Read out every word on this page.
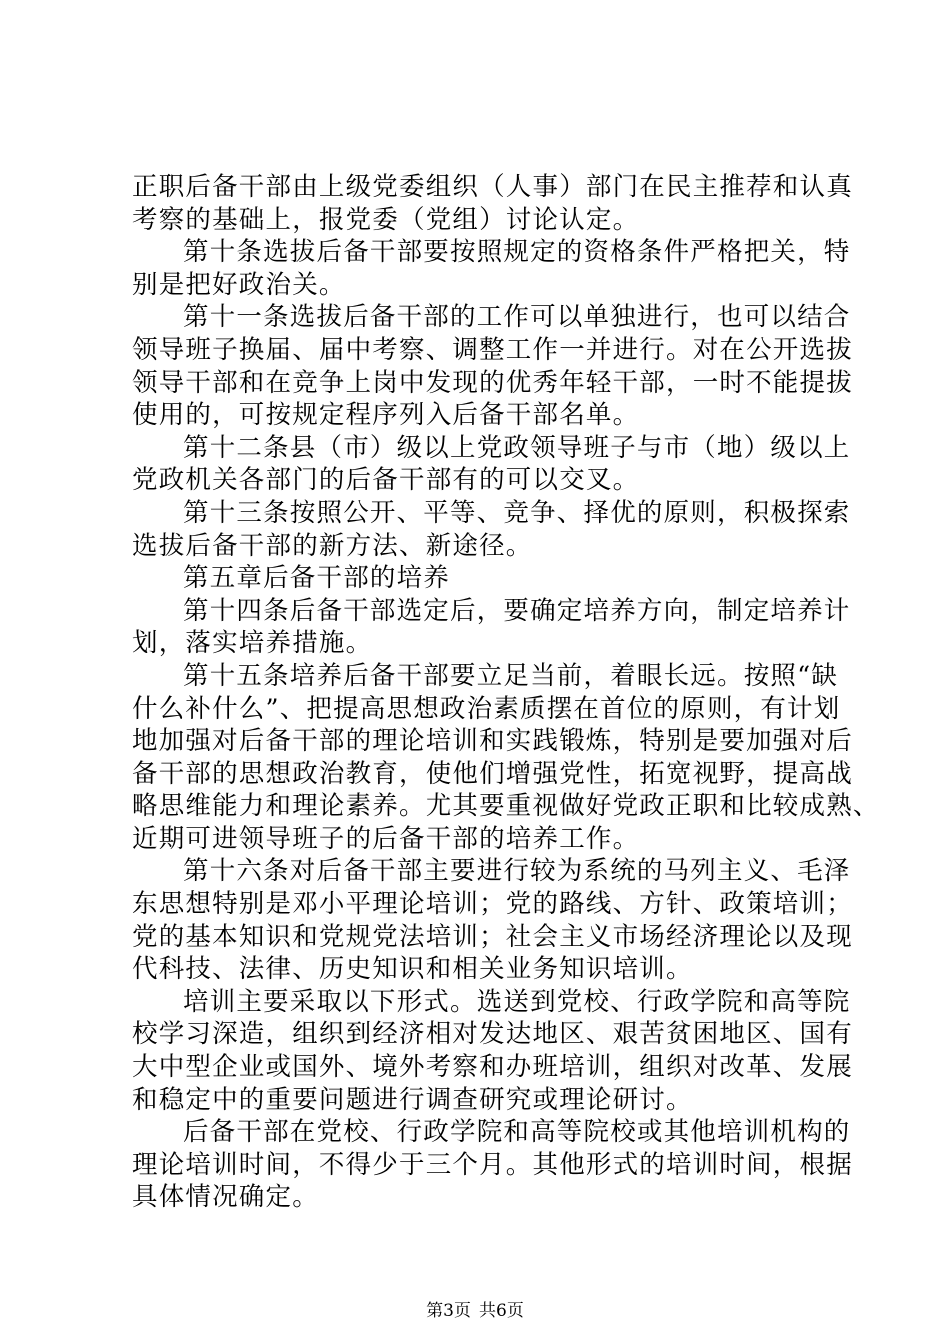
正职后备干部由上级党委组织（人事）部门在民主推荐和认真
考察的基础上，报党委（党组）讨论认定。
第十条选拔后备干部要按照规定的资格条件严格把关，特
别是把好政治关。
第十一条选拔后备干部的工作可以单独进行，也可以结合
领导班子换届、届中考察、调整工作一并进行。对在公开选拔
领导干部和在竞争上岗中发现的优秀年轻干部，一时不能提拔
使用的，可按规定程序列入后备干部名单。
第十二条县（市）级以上党政领导班子与市（地）级以上
党政机关各部门的后备干部有的可以交叉。
第十三条按照公开、平等、竞争、择优的原则，积极探索
选拔后备干部的新方法、新途径。
第五章后备干部的培养
第十四条后备干部选定后，要确定培养方向，制定培养计
划，落实培养措施。
第十五条培养后备干部要立足当前，着眼长远。按照“缺
什么补什么”、把提高思想政治素质摆在首位的原则，有计划
地加强对后备干部的理论培训和实践锻炼，特别是要加强对后
备干部的思想政治教育，使他们增强党性，拓宽视野，提高战
略思维能力和理论素养。尤其要重视做好党政正职和比较成熟、
近期可进领导班子的后备干部的培养工作。
第十六条对后备干部主要进行较为系统的马列主义、毛泽
东思想特别是邓小平理论培训；党的路线、方针、政策培训；
党的基本知识和党规党法培训；社会主义市场经济理论以及现
代科技、法律、历史知识和相关业务知识培训。
培训主要采取以下形式。选送到党校、行政学院和高等院
校学习深造，组织到经济相对发达地区、艰苦贫困地区、国有
大中型企业或国外、境外考察和办班培训，组织对改革、发展
和稳定中的重要问题进行调查研究或理论研讨。
后备干部在党校、行政学院和高等院校或其他培训机构的
理论培训时间，不得少于三个月。其他形式的培训时间，根据
具体情况确定。
第3页 共6页
